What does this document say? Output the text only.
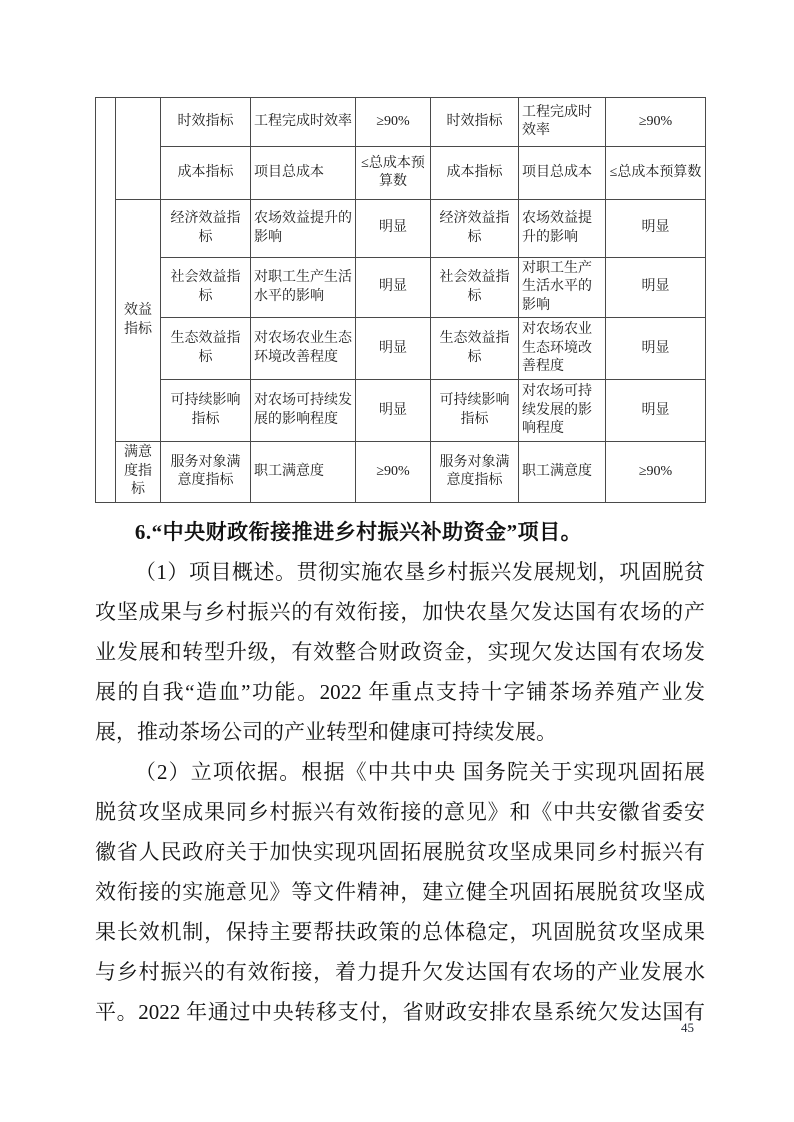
		时效指标	工程完成时效率	≥90%	时效指标	工程完成时效率	≥90%
		成本指标	项目总成本	≤总成本预算数	成本指标	项目总成本	≤总成本预算数
	效益指标	经济效益指标	农场效益提升的影响	明显	经济效益指标	农场效益提升的影响	明显
		社会效益指标	对职工生产生活水平的影响	明显	社会效益指标	对职工生产生活水平的影响	明显
		生态效益指标	对农场农业生态环境改善程度	明显	生态效益指标	对农场农业生态环境改善程度	明显
		可持续影响指标	对农场可持续发展的影响程度	明显	可持续影响指标	对农场可持续发展的影响程度	明显
	满意度指标	服务对象满意度指标	职工满意度	≥90%	服务对象满意度指标	职工满意度	≥90%
6.“中央财政衔接推进乡村振兴补助资金”项目。
（1）项目概述。贯彻实施农垦乡村振兴发展规划，巩固脱贫
攻坚成果与乡村振兴的有效衔接，加快农垦欠发达国有农场的产
业发展和转型升级，有效整合财政资金，实现欠发达国有农场发
展的自我“造血”功能。2022 年重点支持十字铺茶场养殖产业发
展，推动茶场公司的产业转型和健康可持续发展。
（2）立项依据。根据《中共中央 国务院关于实现巩固拓展
脱贫攻坚成果同乡村振兴有效衔接的意见》和《中共安徽省委安
徽省人民政府关于加快实现巩固拓展脱贫攻坚成果同乡村振兴有
效衔接的实施意见》等文件精神，建立健全巩固拓展脱贫攻坚成
果长效机制，保持主要帮扶政策的总体稳定，巩固脱贫攻坚成果
与乡村振兴的有效衔接，着力提升欠发达国有农场的产业发展水
平。2022 年通过中央转移支付，省财政安排农垦系统欠发达国有
45
